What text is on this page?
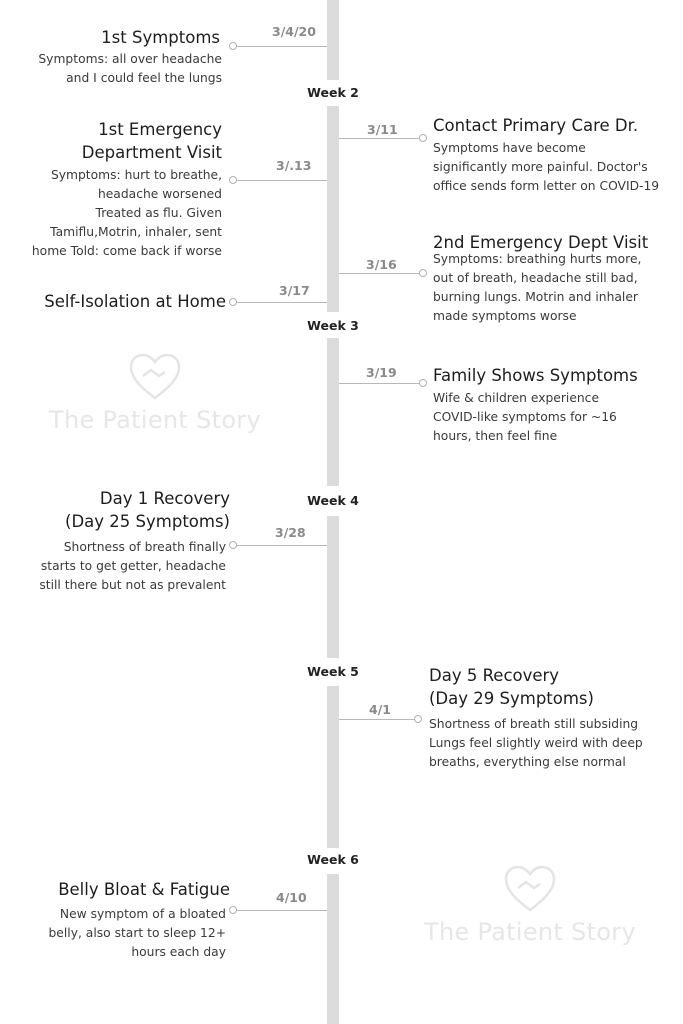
Week 2
Week 3
Week 4
Week 5
Week 6
The Patient Story
The Patient Story
3/4/20
1st Symptoms
Symptoms: all over headache
and I could feel the lungs
3/11 Contact Primary Care Dr.
Symptoms have become
significantly more painful. Doctor's
office sends form letter on COVID-19
3/.13
1st Emergency
Department Visit
Symptoms: hurt to breathe,
headache worsened
Treated as flu. Given
Tamiflu,Motrin, inhaler, sent
home Told: come back if worse
3/16
2nd Emergency Dept Visit
Symptoms: breathing hurts more,
out of breath, headache still bad,
burning lungs. Motrin and inhaler
made symptoms worse
3/17
Self-Isolation at Home
3/19 Family Shows Symptoms
Wife & children experience
COVID-like symptoms for ~16
hours, then feel fine
3/28
Day 1 Recovery
(Day 25 Symptoms)
Shortness of breath finally
starts to get getter, headache
still there but not as prevalent
4/1
Day 5 Recovery
(Day 29 Symptoms)
Shortness of breath still subsiding
Lungs feel slightly weird with deep
breaths, everything else normal
4/10
Belly Bloat & Fatigue
New symptom of a bloated
belly, also start to sleep 12+
hours each day
